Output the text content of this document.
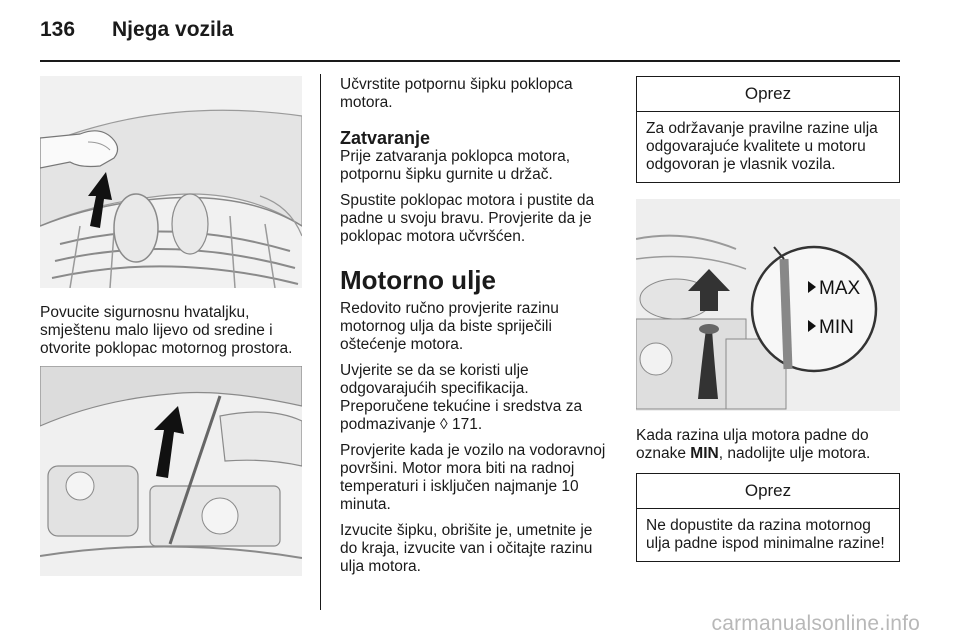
136	Njega vozila

Povucite sigurnosnu hvataljku, smještenu malo lijevo od sredine i otvorite poklopac motornog prostora.

Učvrstite potpornu šipku poklopca motora.

Zatvaranje

Prije zatvaranja poklopca motora, potpornu šipku gurnite u držač.

Spustite poklopac motora i pustite da padne u svoju bravu. Provjerite da je poklopac motora učvršćen.

Motorno ulje

Redovito ručno provjerite razinu motornog ulja da biste spriječili oštećenje motora.

Uvjerite se da se koristi ulje odgovarajućih specifikacija.
Preporučene tekućine i sredstva za podmazivanje ◊ 171.

Provjerite kada je vozilo na vodoravnoj površini. Motor mora biti na radnoj temperaturi i isključen najmanje 10 minuta.

Izvucite šipku, obrišite je, umetnite je do kraja, izvucite van i očitajte razinu ulja motora.

Oprez
Za održavanje pravilne razine ulja odgovarajuće kvalitete u motoru odgovoran je vlasnik vozila.
MAX
MIN

Kada razina ulja motora padne do oznake MIN, nadolijte ulje motora.

Oprez
Ne dopustite da razina motornog ulja padne ispod minimalne razine!
carmanualsonline.info
